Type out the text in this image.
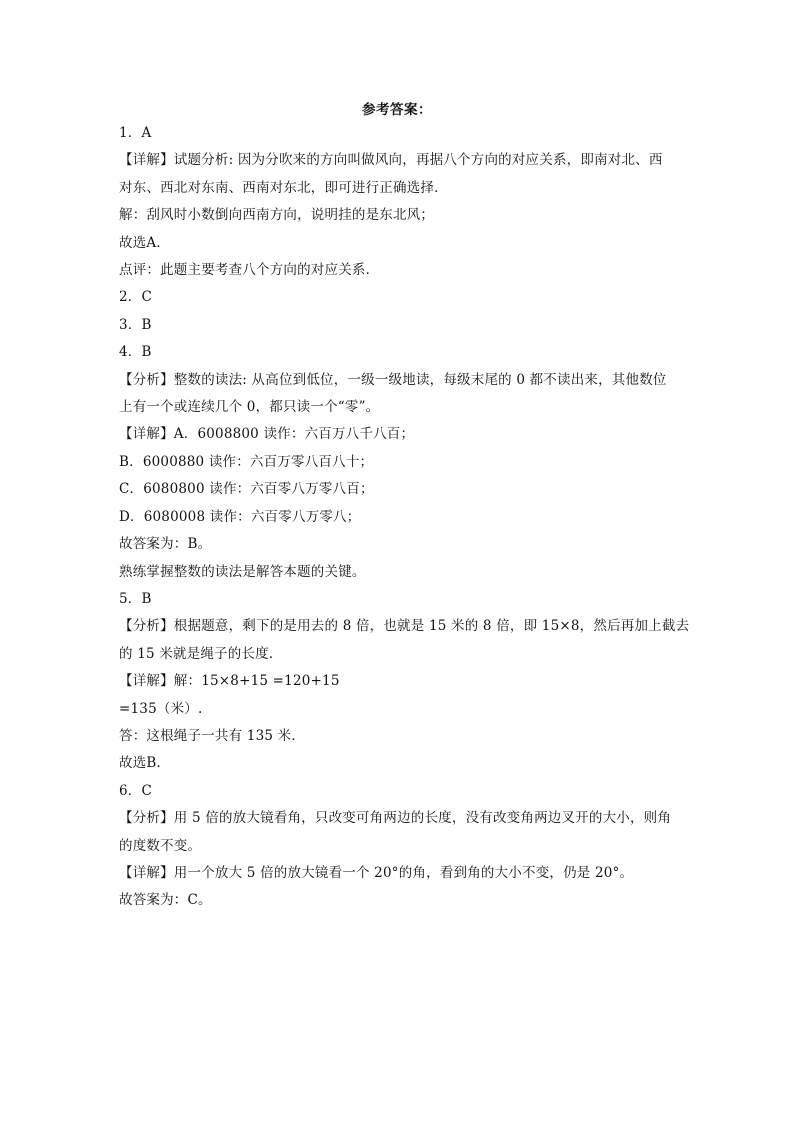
参考答案：
1．A
【详解】试题分析: 因为分吹来的方向叫做风向，再据八个方向的对应关系，即南对北、西
对东、西北对东南、西南对东北，即可进行正确选择．
解：刮风时小数倒向西南方向，说明挂的是东北风；
故选A．
点评：此题主要考查八个方向的对应关系．
2．C
3．B
4．B
【分析】整数的读法: 从高位到低位，一级一级地读，每级末尾的 0 都不读出来，其他数位
上有一个或连续几个 0，都只读一个“零”。
【详解】A．6008800 读作：六百万八千八百；
B．6000880 读作：六百万零八百八十；
C．6080800 读作：六百零八万零八百；
D．6080008 读作：六百零八万零八；
故答案为：B。
熟练掌握整数的读法是解答本题的关键。
5．B
【分析】根据题意，剩下的是用去的 8 倍，也就是 15 米的 8 倍，即 15×8，然后再加上截去
的 15 米就是绳子的长度．
【详解】解：15×8+15 =120+15
=135（米）.
答：这根绳子一共有 135 米．
故选B．
6．C
【分析】用 5 倍的放大镜看角，只改变可角两边的长度，没有改变角两边叉开的大小，则角
的度数不变。
【详解】用一个放大 5 倍的放大镜看一个 20°的角，看到角的大小不变，仍是 20°。
故答案为：C。
